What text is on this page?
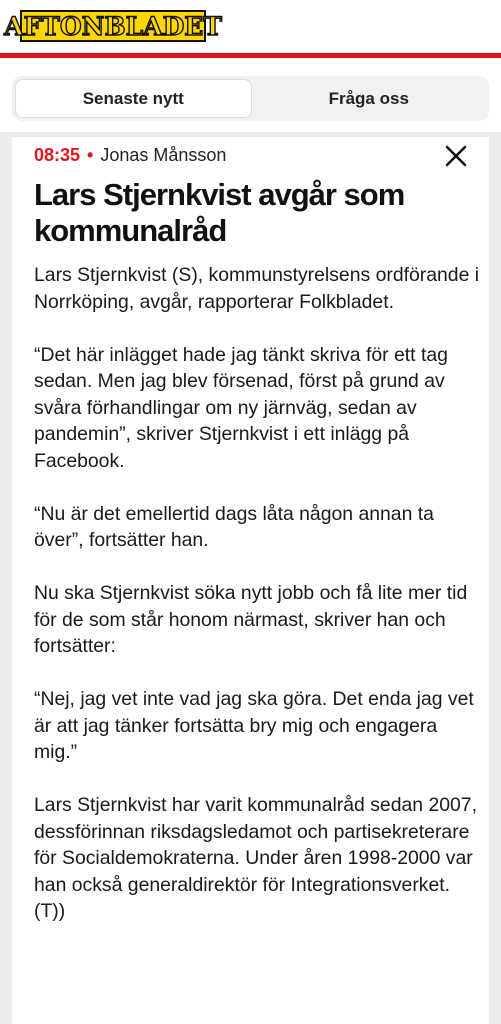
AFTONBLADET
Senaste nytt	Fråga oss
08:35 • Jonas Månsson
Lars Stjernkvist avgår som kommunalråd

Lars Stjernkvist (S), kommunstyrelsens ordförande i Norrköping, avgår, rapporterar Folkbladet.

“Det här inlägget hade jag tänkt skriva för ett tag sedan. Men jag blev försenad, först på grund av svåra förhandlingar om ny järnväg, sedan av pandemin”, skriver Stjernkvist i ett inlägg på Facebook.

“Nu är det emellertid dags låta någon annan ta över”, fortsätter han.

Nu ska Stjernkvist söka nytt jobb och få lite mer tid för de som står honom närmast, skriver han och fortsätter:

“Nej, jag vet inte vad jag ska göra. Det enda jag vet är att jag tänker fortsätta bry mig och engagera mig.”

Lars Stjernkvist har varit kommunalråd sedan 2007, dessförinnan riksdagsledamot och partisekreterare för Socialdemokraterna. Under åren 1998-2000 var han också generaldirektör för Integrationsverket. (T))
